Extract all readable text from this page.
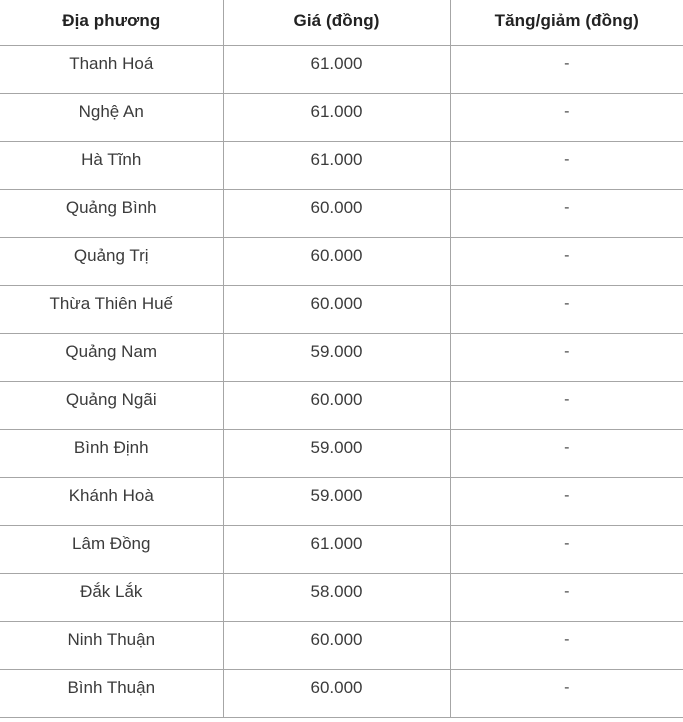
Địa phương	Giá (đồng)	Tăng/giảm (đồng)
Thanh Hoá	61.000	-
Nghệ An	61.000	-
Hà Tĩnh	61.000	-
Quảng Bình	60.000	-
Quảng Trị	60.000	-
Thừa Thiên Huế	60.000	-
Quảng Nam	59.000	-
Quảng Ngãi	60.000	-
Bình Định	59.000	-
Khánh Hoà	59.000	-
Lâm Đồng	61.000	-
Đắk Lắk	58.000	-
Ninh Thuận	60.000	-
Bình Thuận	60.000	-
